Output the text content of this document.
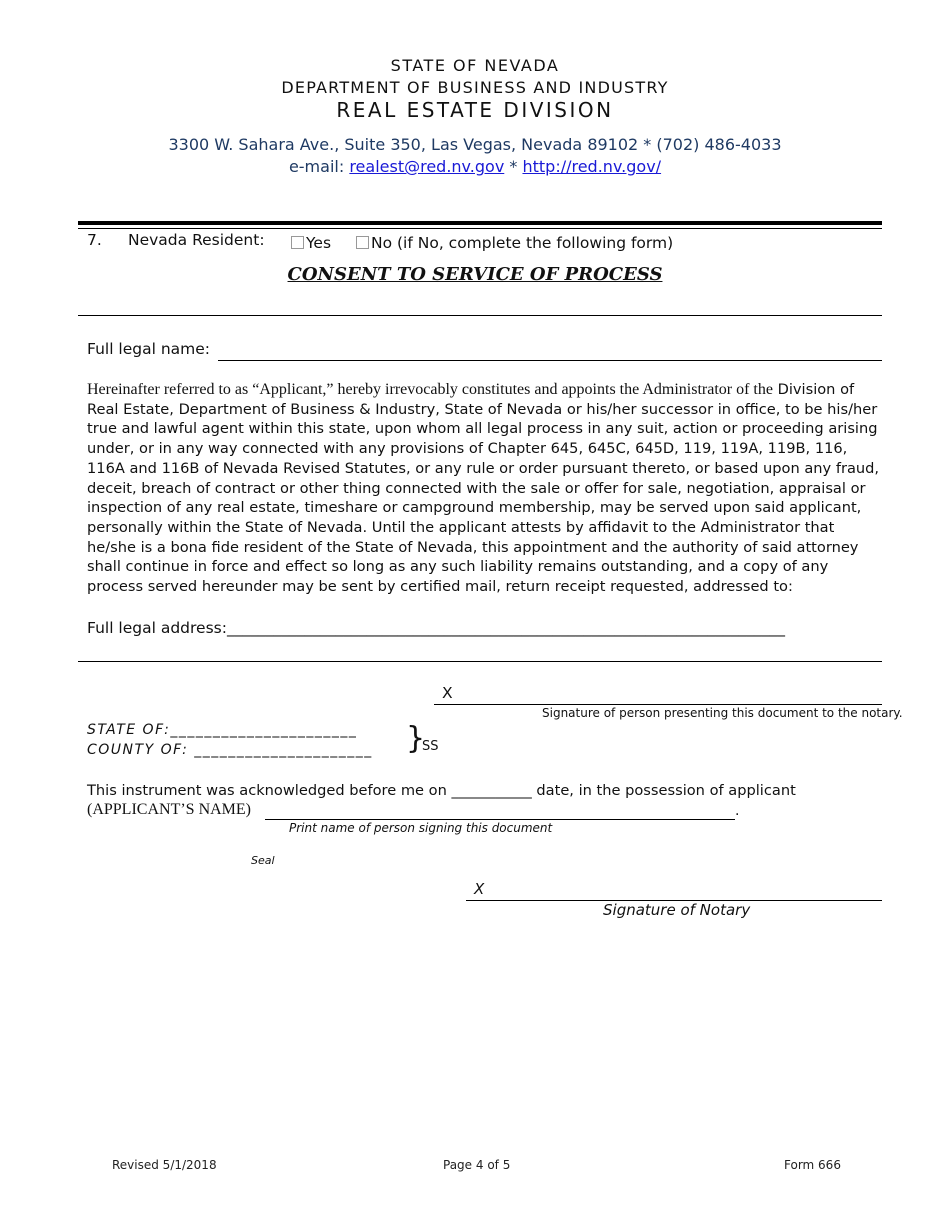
STATE OF NEVADA
DEPARTMENT OF BUSINESS AND INDUSTRY
REAL ESTATE DIVISION
3300 W. Sahara Ave., Suite 350, Las Vegas, Nevada 89102 * (702) 486-4033
e-mail: realest@red.nv.gov * http://red.nv.gov/
7. Nevada Resident:	Yes	No (if No, complete the following form)
CONSENT TO SERVICE OF PROCESS
Full legal name:
Hereinafter referred to as “Applicant,” hereby irrevocably constitutes and appoints the Administrator of the Division of Real Estate, Department of Business & Industry, State of Nevada or his/her successor in office, to be his/her true and lawful agent within this state, upon whom all legal process in any suit, action or proceeding arising under, or in any way connected with any provisions of Chapter 645, 645C, 645D, 119, 119A, 119B, 116, 116A and 116B of Nevada Revised Statutes, or any rule or order pursuant thereto, or based upon any fraud, deceit, breach of contract or other thing connected with the sale or offer for sale, negotiation, appraisal or inspection of any real estate, timeshare or campground membership, may be served upon said applicant, personally within the State of Nevada. Until the applicant attests by affidavit to the Administrator that he/she is a bona fide resident of the State of Nevada, this appointment and the authority of said attorney shall continue in force and effect so long as any such liability remains outstanding, and a copy of any process served hereunder may be sent by certified mail, return receipt requested, addressed to:
Full legal address:________________________________________________________________________
X
Signature of person presenting this document to the notary.
STATE OF:______________________
COUNTY OF: _____________________ }
SS
This instrument was acknowledged before me on ___________ date, in the possession of applicant
(APPLICANT’S NAME)	.
Print name of person signing this document
Seal
X
Signature of Notary
Revised 5/1/2018	Page 4 of 5	Form 666
